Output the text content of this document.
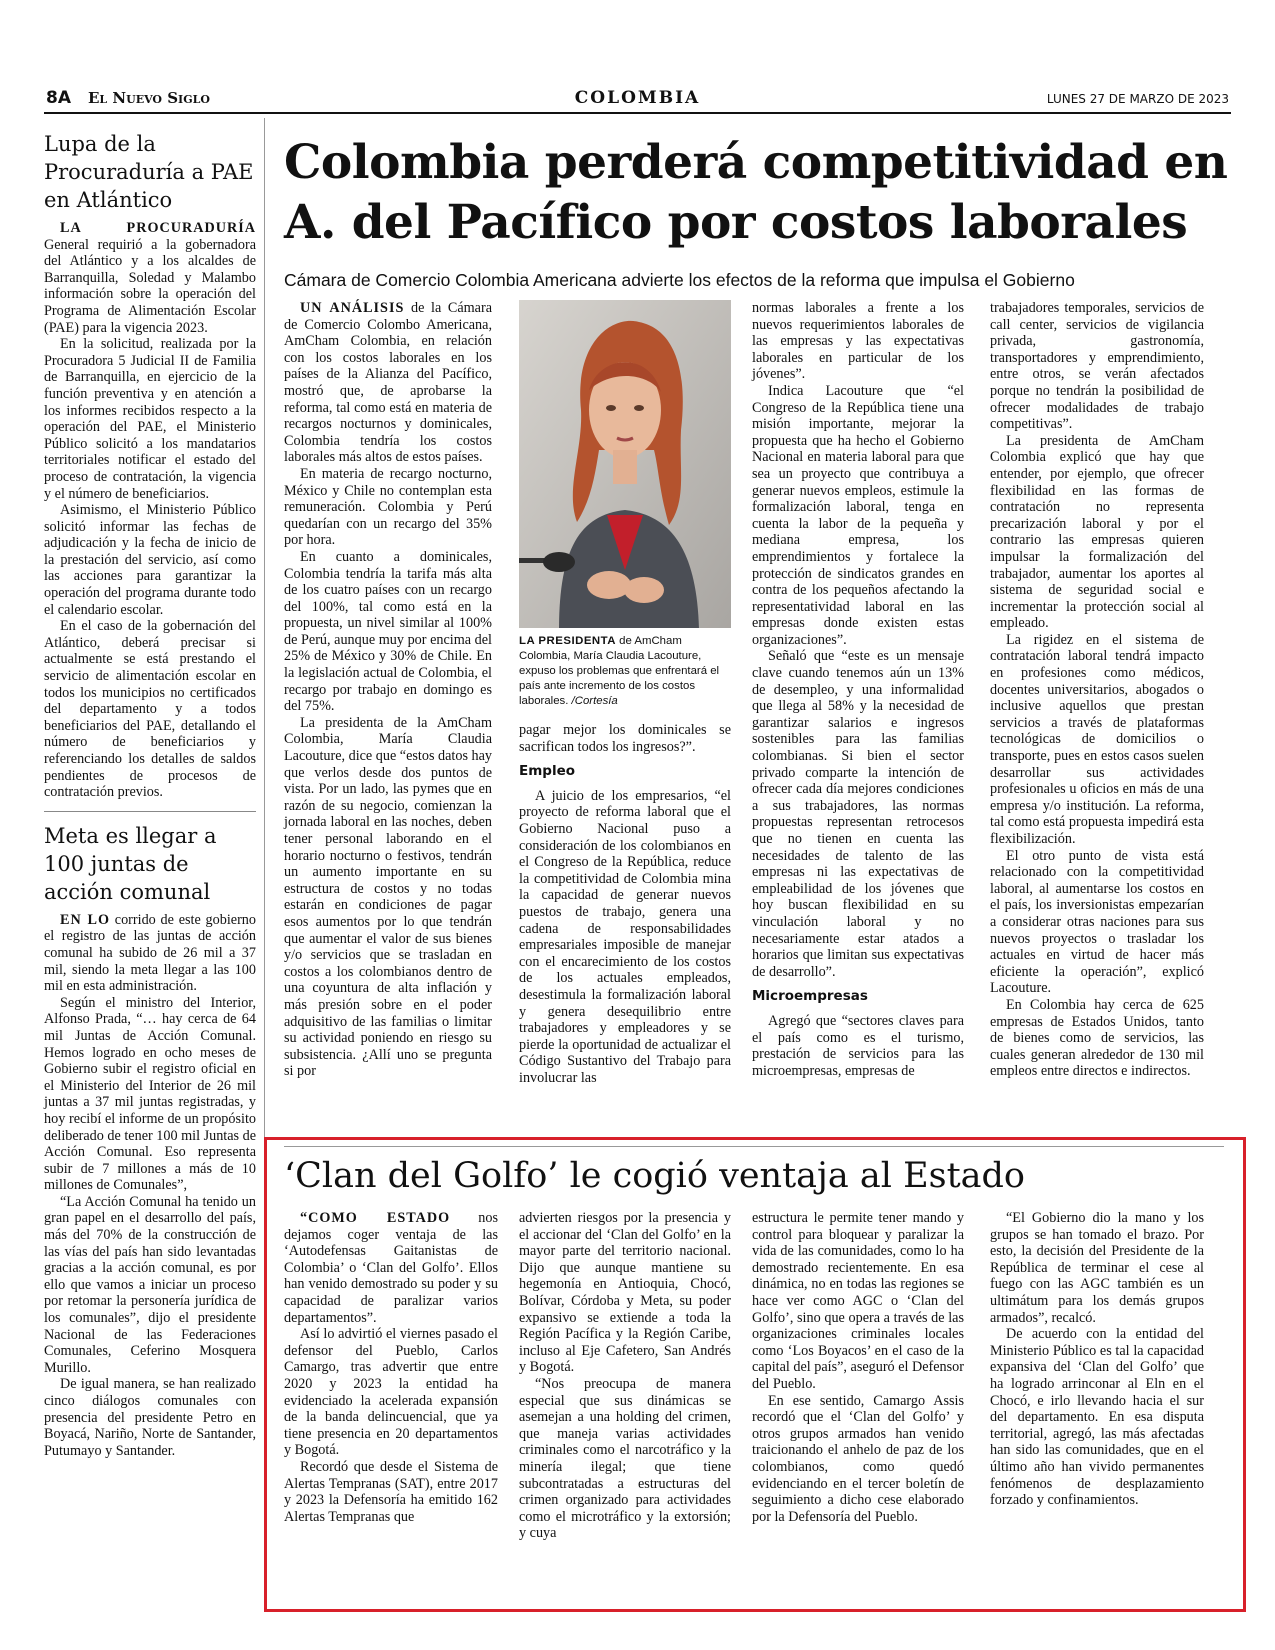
8A El Nuevo Siglo	COLOMBIA	LUNES 27 DE MARZO DE 2023
Lupa de la Procuraduría a PAE en Atlántico

LA PROCURADURÍA General requirió a la gobernadora del Atlántico y a los alcaldes de Barranquilla, Soledad y Malambo información sobre la operación del Programa de Alimentación Escolar (PAE) para la vigencia 2023.

En la solicitud, realizada por la Procuradora 5 Judicial II de Familia de Barranquilla, en ejercicio de la función preventiva y en atención a los informes recibidos respecto a la operación del PAE, el Ministerio Público solicitó a los mandatarios territoriales notificar el estado del proceso de contratación, la vigencia y el número de beneficiarios.

Asimismo, el Ministerio Público solicitó informar las fechas de adjudicación y la fecha de inicio de la prestación del servicio, así como las acciones para garantizar la operación del programa durante todo el calendario escolar.

En el caso de la gobernación del Atlántico, deberá precisar si actualmente se está prestando el servicio de alimentación escolar en todos los municipios no certificados del departamento y a todos beneficiarios del PAE, detallando el número de beneficiarios y referenciando los detalles de saldos pendientes de procesos de contratación previos.

Meta es llegar a 100 juntas de acción comunal

EN LO corrido de este gobierno el registro de las juntas de acción comunal ha subido de 26 mil a 37 mil, siendo la meta llegar a las 100 mil en esta administración.

Según el ministro del Interior, Alfonso Prada, “… hay cerca de 64 mil Juntas de Acción Comunal. Hemos logrado en ocho meses de Gobierno subir el registro oficial en el Ministerio del Interior de 26 mil juntas a 37 mil juntas registradas, y hoy recibí el informe de un propósito deliberado de tener 100 mil Juntas de Acción Comunal. Eso representa subir de 7 millones a más de 10 millones de Comunales”,

“La Acción Comunal ha tenido un gran papel en el desarrollo del país, más del 70% de la construcción de las vías del país han sido levantadas gracias a la acción comunal, es por ello que vamos a iniciar un proceso por retomar la personería jurídica de los comunales”, dijo el presidente Nacional de las Federaciones Comunales, Ceferino Mosquera Murillo.

De igual manera, se han realizado cinco diálogos comunales con presencia del presidente Petro en Boyacá, Nariño, Norte de Santander, Putumayo y Santander.

Colombia perderá competitividad en A. del Pacífico por costos laborales
Cámara de Comercio Colombia Americana advierte los efectos de la reforma que impulsa el Gobierno

UN ANÁLISIS de la Cámara de Comercio Colombo Americana, AmCham Colombia, en relación con los costos laborales en los países de la Alianza del Pacífico, mostró que, de aprobarse la reforma, tal como está en materia de recargos nocturnos y dominicales, Colombia tendría los costos laborales más altos de estos países.

En materia de recargo nocturno, México y Chile no contemplan esta remuneración. Colombia y Perú quedarían con un recargo del 35% por hora.

En cuanto a dominicales, Colombia tendría la tarifa más alta de los cuatro países con un recargo del 100%, tal como está en la propuesta, un nivel similar al 100% de Perú, aunque muy por encima del 25% de México y 30% de Chile. En la legislación actual de Colombia, el recargo por trabajo en domingo es del 75%.

La presidenta de la AmCham Colombia, María Claudia Lacouture, dice que “estos datos hay que verlos desde dos puntos de vista. Por un lado, las pymes que en razón de su negocio, comienzan la jornada laboral en las noches, deben tener personal laborando en el horario nocturno o festivos, tendrán un aumento importante en su estructura de costos y no todas estarán en condiciones de pagar esos aumentos por lo que tendrán que aumentar el valor de sus bienes y/o servicios que se trasladan en costos a los colombianos dentro de una coyuntura de alta inflación y más presión sobre en el poder adquisitivo de las familias o limitar su actividad poniendo en riesgo su subsistencia. ¿Allí uno se pregunta si por

LA PRESIDENTA de AmCham Colombia, María Claudia Lacouture, expuso los problemas que enfrentará el país ante incremento de los costos laborales. /Cortesía

pagar mejor los dominicales se sacrifican todos los ingresos?”.

Empleo

A juicio de los empresarios, “el proyecto de reforma laboral que el Gobierno Nacional puso a consideración de los colombianos en el Congreso de la República, reduce la competitividad de Colombia mina la capacidad de generar nuevos puestos de trabajo, genera una cadena de responsabilidades empresariales imposible de manejar con el encarecimiento de los costos de los actuales empleados, desestimula la formalización laboral y genera desequilibrio entre trabajadores y empleadores y se pierde la oportunidad de actualizar el Código Sustantivo del Trabajo para involucrar las

normas laborales a frente a los nuevos requerimientos laborales de las empresas y las expectativas laborales en particular de los jóvenes”.

Indica Lacouture que “el Congreso de la República tiene una misión importante, mejorar la propuesta que ha hecho el Gobierno Nacional en materia laboral para que sea un proyecto que contribuya a generar nuevos empleos, estimule la formalización laboral, tenga en cuenta la labor de la pequeña y mediana empresa, los emprendimientos y fortalece la protección de sindicatos grandes en contra de los pequeños afectando la representatividad laboral en las empresas donde existen estas organizaciones”.

Señaló que “este es un mensaje clave cuando tenemos aún un 13% de desempleo, y una informalidad que llega al 58% y la necesidad de garantizar salarios e ingresos sostenibles para las familias colombianas. Si bien el sector privado comparte la intención de ofrecer cada día mejores condiciones a sus trabajadores, las normas propuestas representan retrocesos que no tienen en cuenta las necesidades de talento de las empresas ni las expectativas de empleabilidad de los jóvenes que hoy buscan flexibilidad en su vinculación laboral y no necesariamente estar atados a horarios que limitan sus expectativas de desarrollo”.

Microempresas

Agregó que “sectores claves para el país como es el turismo, prestación de servicios para las microempresas, empresas de

trabajadores temporales, servicios de call center, servicios de vigilancia privada, gastronomía, transportadores y emprendimiento, entre otros, se verán afectados porque no tendrán la posibilidad de ofrecer modalidades de trabajo competitivas”.

La presidenta de AmCham Colombia explicó que hay que entender, por ejemplo, que ofrecer flexibilidad en las formas de contratación no representa precarización laboral y por el contrario las empresas quieren impulsar la formalización del trabajador, aumentar los aportes al sistema de seguridad social e incrementar la protección social al empleado.

La rigidez en el sistema de contratación laboral tendrá impacto en profesiones como médicos, docentes universitarios, abogados o inclusive aquellos que prestan servicios a través de plataformas tecnológicas de domicilios o transporte, pues en estos casos suelen desarrollar sus actividades profesionales u oficios en más de una empresa y/o institución. La reforma, tal como está propuesta impedirá esta flexibilización.

El otro punto de vista está relacionado con la competitividad laboral, al aumentarse los costos en el país, los inversionistas empezarían a considerar otras naciones para sus nuevos proyectos o trasladar los actuales en virtud de hacer más eficiente la operación”, explicó Lacouture.

En Colombia hay cerca de 625 empresas de Estados Unidos, tanto de bienes como de servicios, las cuales generan alrededor de 130 mil empleos entre directos e indirectos.

‘Clan del Golfo’ le cogió ventaja al Estado

“COMO ESTADO nos dejamos coger ventaja de las ‘Autodefensas Gaitanistas de Colombia’ o ‘Clan del Golfo’. Ellos han venido demostrado su poder y su capacidad de paralizar varios departamentos”.

Así lo advirtió el viernes pasado el defensor del Pueblo, Carlos Camargo, tras advertir que entre 2020 y 2023 la entidad ha evidenciado la acelerada expansión de la banda delincuencial, que ya tiene presencia en 20 departamentos y Bogotá.

Recordó que desde el Sistema de Alertas Tempranas (SAT), entre 2017 y 2023 la Defensoría ha emitido 162 Alertas Tempranas que

advierten riesgos por la presencia y el accionar del ‘Clan del Golfo’ en la mayor parte del territorio nacional. Dijo que aunque mantiene su hegemonía en Antioquia, Chocó, Bolívar, Córdoba y Meta, su poder expansivo se extiende a toda la Región Pacífica y la Región Caribe, incluso al Eje Cafetero, San Andrés y Bogotá.

“Nos preocupa de manera especial que sus dinámicas se asemejan a una holding del crimen, que maneja varias actividades criminales como el narcotráfico y la minería ilegal; que tiene subcontratadas a estructuras del crimen organizado para actividades como el microtráfico y la extorsión; y cuya

estructura le permite tener mando y control para bloquear y paralizar la vida de las comunidades, como lo ha demostrado recientemente. En esa dinámica, no en todas las regiones se hace ver como AGC o ‘Clan del Golfo’, sino que opera a través de las organizaciones criminales locales como ‘Los Boyacos’ en el caso de la capital del país”, aseguró el Defensor del Pueblo.

En ese sentido, Camargo Assis recordó que el ‘Clan del Golfo’ y otros grupos armados han venido traicionando el anhelo de paz de los colombianos, como quedó evidenciando en el tercer boletín de seguimiento a dicho cese elaborado por la Defensoría del Pueblo.

“El Gobierno dio la mano y los grupos se han tomado el brazo. Por esto, la decisión del Presidente de la República de terminar el cese al fuego con las AGC también es un ultimátum para los demás grupos armados”, recalcó.

De acuerdo con la entidad del Ministerio Público es tal la capacidad expansiva del ‘Clan del Golfo’ que ha logrado arrinconar al Eln en el Chocó, e irlo llevando hacia el sur del departamento. En esa disputa territorial, agregó, las más afectadas han sido las comunidades, que en el último año han vivido permanentes fenómenos de desplazamiento forzado y confinamientos.
